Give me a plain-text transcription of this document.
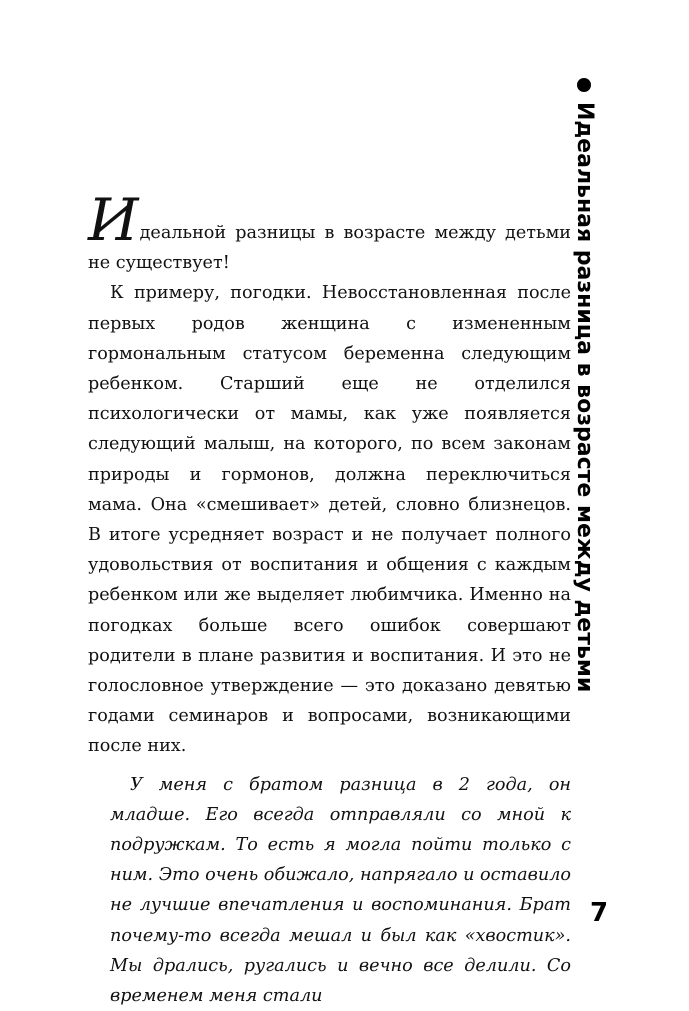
Идеальная разница в возрасте между детьми

Идеальной разницы в возрасте между детьми не существует!

К примеру, погодки. Невосстановленная после первых родов женщина с измененным гормональным статусом беременна следующим ребенком. Старший еще не отделился психологически от мамы, как уже появляется следующий малыш, на которого, по всем законам природы и гормонов, должна переключиться мама. Она «смешивает» детей, словно близнецов. В итоге усредняет возраст и не получает полного удовольствия от воспитания и общения с каждым ребенком или же выделяет любимчика. Именно на погодках больше всего ошибок совершают родители в плане развития и воспитания. И это не голословное утверждение — это доказано девятью годами семинаров и вопросами, возникающими после них.

У меня с братом разница в 2 года, он младше. Его всегда отправляли со мной к подружкам. То есть я могла пойти только с ним. Это очень обижало, напрягало и оставило не лучшие впечатления и воспоминания. Брат почему-то всегда мешал и был как «хвостик». Мы дрались, ругались и вечно все делили. Со временем меня стали

7
